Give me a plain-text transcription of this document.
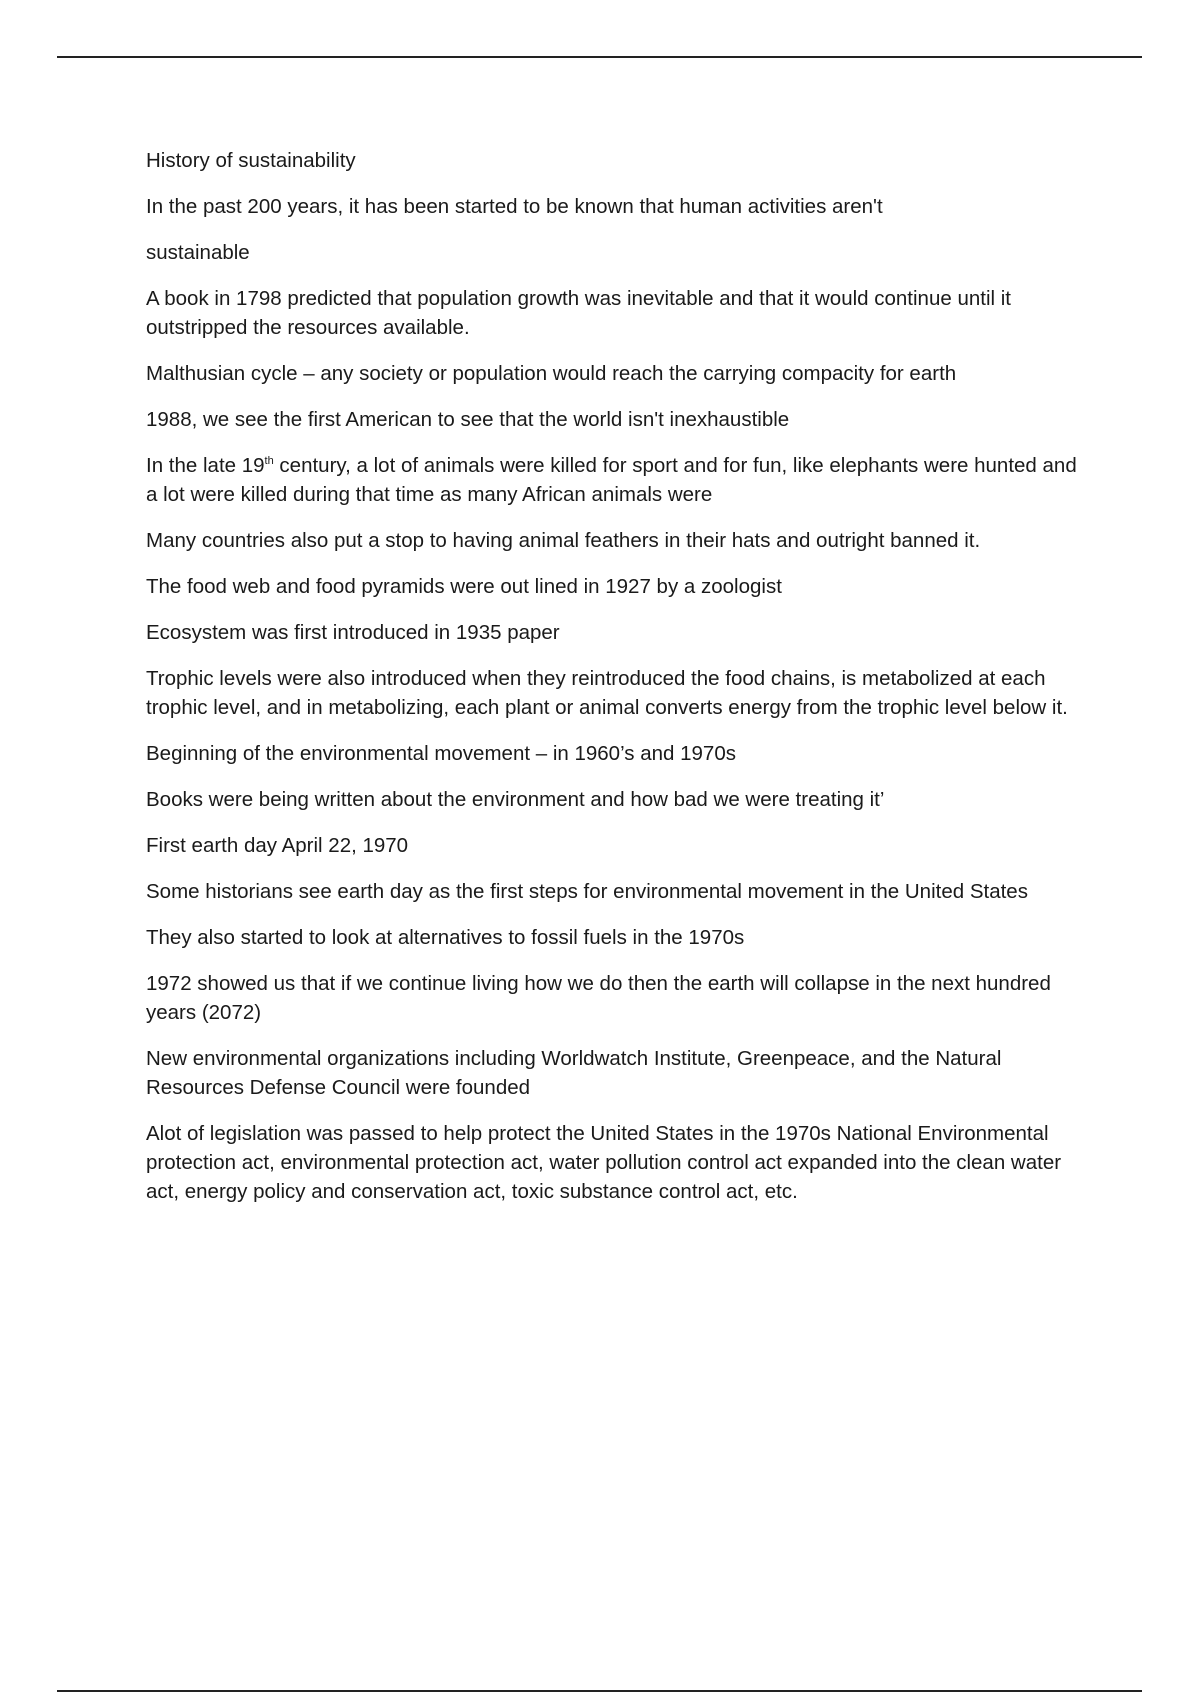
History of sustainability

In the past 200 years, it has been started to be known that human activities aren't

sustainable

A book in 1798 predicted that population growth was inevitable and that it would continue until it outstripped the resources available.

Malthusian cycle – any society or population would reach the carrying compacity for earth

1988, we see the first American to see that the world isn't inexhaustible

In the late 19th century, a lot of animals were killed for sport and for fun, like elephants were hunted and a lot were killed during that time as many African animals were

Many countries also put a stop to having animal feathers in their hats and outright banned it.

The food web and food pyramids were out lined in 1927 by a zoologist

Ecosystem was first introduced in 1935 paper

Trophic levels were also introduced when they reintroduced the food chains, is metabolized at each trophic level, and in metabolizing, each plant or animal converts energy from the trophic level below it.

Beginning of the environmental movement – in 1960’s and 1970s

Books were being written about the environment and how bad we were treating it’

First earth day April 22, 1970

Some historians see earth day as the first steps for environmental movement in the United States

They also started to look at alternatives to fossil fuels in the 1970s

1972 showed us that if we continue living how we do then the earth will collapse in the next hundred years (2072)

New environmental organizations including Worldwatch Institute, Greenpeace, and the Natural Resources Defense Council were founded

Alot of legislation was passed to help protect the United States in the 1970s National Environmental protection act, environmental protection act, water pollution control act expanded into the clean water act, energy policy and conservation act, toxic substance control act, etc.
